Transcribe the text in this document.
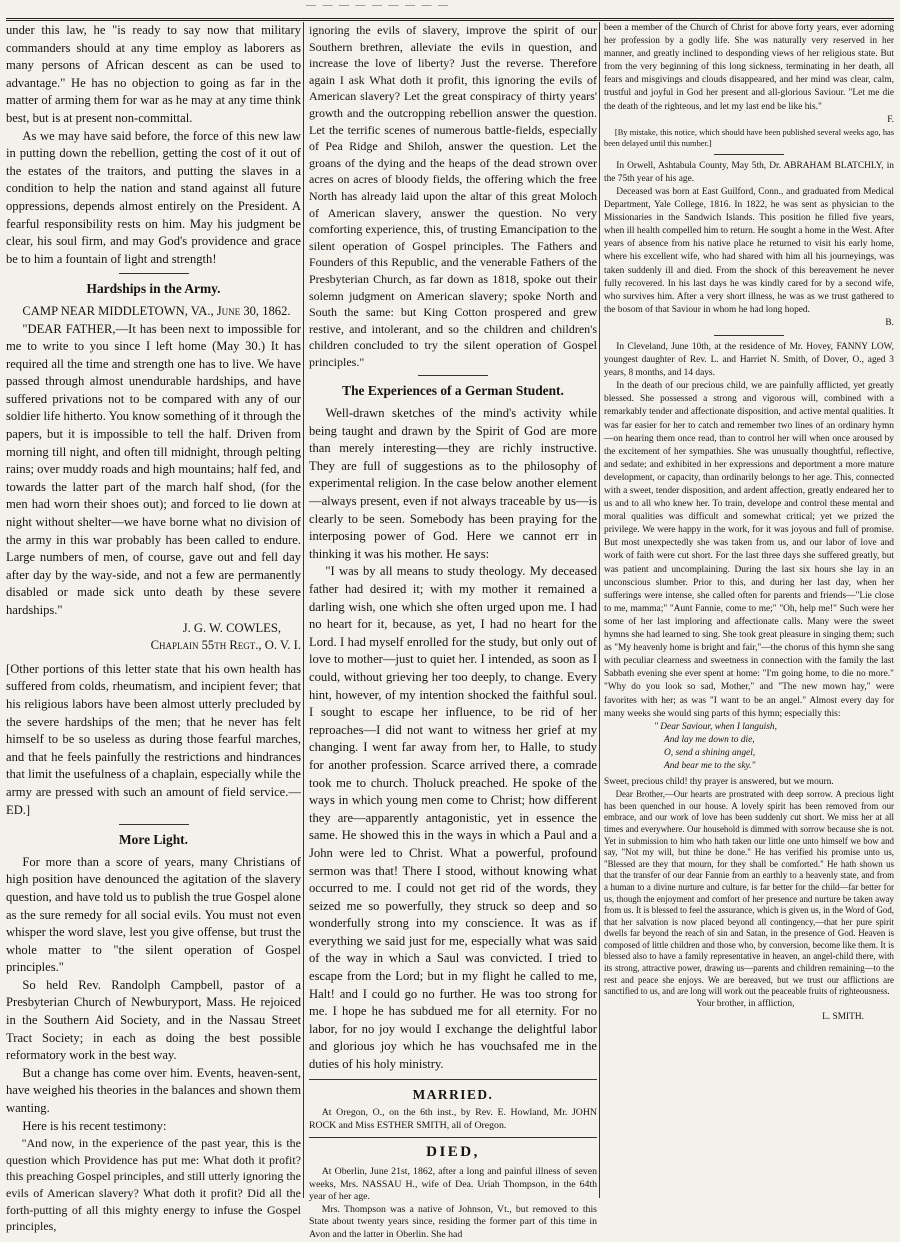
— — — — — — — — —

under this law, he "is ready to say now that military commanders should at any time employ as laborers as many persons of African descent as can be used to advantage." He has no objection to going as far in the matter of arming them for war as he may at any time think best, but is at present non-committal.

As we may have said before, the force of this new law in putting down the rebellion, getting the cost of it out of the estates of the traitors, and putting the slaves in a condition to help the nation and stand against all future oppressions, depends almost entirely on the President. A fearful responsibility rests on him. May his judgment be clear, his soul firm, and may God's providence and grace be to him a fountain of light and strength!

Hardships in the Army.

CAMP NEAR MIDDLETOWN, VA., June 30, 1862.

"DEAR FATHER,—It has been next to impossible for me to write to you since I left home (May 30.) It has required all the time and strength one has to live. We have passed through almost unendurable hardships, and have suffered privations not to be compared with any of our soldier life hitherto. You know something of it through the papers, but it is impossible to tell the half. Driven from morning till night, and often till midnight, through pelting rains; over muddy roads and high mountains; half fed, and towards the latter part of the march half shod, (for the men had worn their shoes out); and forced to lie down at night without shelter—we have borne what no division of the army in this war probably has been called to endure. Large numbers of men, of course, gave out and fell day after day by the way-side, and not a few are permanently disabled or made sick unto death by these severe hardships."

J. G. W. COWLES,

Chaplain 55th Regt., O. V. I.

[Other portions of this letter state that his own health has suffered from colds, rheumatism, and incipient fever; that his religious labors have been almost utterly precluded by the severe hardships of the men; that he never has felt himself to be so useless as during those fearful marches, and that he feels painfully the restrictions and hindrances that limit the usefulness of a chaplain, especially while the army are pressed with such an amount of field service.—ED.]

More Light.

For more than a score of years, many Christians of high position have denounced the agitation of the slavery question, and have told us to publish the true Gospel alone as the sure remedy for all social evils. You must not even whisper the word slave, lest you give offense, but trust the whole matter to "the silent operation of Gospel principles."

So held Rev. Randolph Campbell, pastor of a Presbyterian Church of Newburyport, Mass. He rejoiced in the Southern Aid Society, and in the Nassau Street Tract Society; in each as doing the best possible reformatory work in the best way.

But a change has come over him. Events, heaven-sent, have weighed his theories in the balances and shown them wanting.

Here is his recent testimony:

"And now, in the experience of the past year, this is the question which Providence has put me: What doth it profit? this preaching Gospel principles, and still utterly ignoring the evils of American slavery? What doth it profit? Did all the forth-putting of all this mighty energy to infuse the Gospel principles,

ignoring the evils of slavery, improve the spirit of our Southern brethren, alleviate the evils in question, and increase the love of liberty? Just the reverse. Therefore again I ask What doth it profit, this ignoring the evils of American slavery? Let the great conspiracy of thirty years' growth and the outcropping rebellion answer the question. Let the terrific scenes of numerous battle-fields, especially of Pea Ridge and Shiloh, answer the question. Let the groans of the dying and the heaps of the dead strown over acres on acres of bloody fields, the offering which the free North has already laid upon the altar of this great Moloch of American slavery, answer the question. No very comforting experience, this, of trusting Emancipation to the silent operation of Gospel principles. The Fathers and Founders of this Republic, and the venerable Fathers of the Presbyterian Church, as far down as 1818, spoke out their solemn judgment on American slavery; spoke North and South the same: but King Cotton prospered and grew restive, and intolerant, and so the children and children's children concluded to try the silent operation of Gospel principles."

The Experiences of a German Student.

Well-drawn sketches of the mind's activity while being taught and drawn by the Spirit of God are more than merely interesting—they are richly instructive. They are full of suggestions as to the philosophy of experimental religion. In the case below another element—always present, even if not always traceable by us—is clearly to be seen. Somebody has been praying for the interposing power of God. Here we cannot err in thinking it was his mother. He says:

"I was by all means to study theology. My deceased father had desired it; with my mother it remained a darling wish, one which she often urged upon me. I had no heart for it, because, as yet, I had no heart for the Lord. I had myself enrolled for the study, but only out of love to mother—just to quiet her. I intended, as soon as I could, without grieving her too deeply, to change. Every hint, however, of my intention shocked the faithful soul. I sought to escape her influence, to be rid of her reproaches—I did not want to witness her grief at my changing. I went far away from her, to Halle, to study for another profession. Scarce arrived there, a comrade took me to church. Tholuck preached. He spoke of the ways in which young men come to Christ; how different they are—apparently antagonistic, yet in essence the same. He showed this in the ways in which a Paul and a John were led to Christ. What a powerful, profound sermon was that! There I stood, without knowing what occurred to me. I could not get rid of the words, they seized me so powerfully, they struck so deep and so wonderfully strong into my conscience. It was as if everything we said just for me, especially what was said of the way in which a Saul was convicted. I tried to escape from the Lord; but in my flight he called to me, Halt! and I could go no further. He was too strong for me. I hope he has subdued me for all eternity. For no labor, for no joy would I exchange the delightful labor and glorious joy which he has vouchsafed me in the duties of his holy ministry.

MARRIED.

At Oregon, O., on the 6th inst., by Rev. E. Howland, Mr. JOHN ROCK and Miss ESTHER SMITH, all of Oregon.

DIED,

At Oberlin, June 21st, 1862, after a long and painful illness of seven weeks, Mrs. NASSAU H., wife of Dea. Uriah Thompson, in the 64th year of her age.

Mrs. Thompson was a native of Johnson, Vt., but removed to this State about twenty years since, residing the former part of this time in Avon and the latter in Oberlin. She had

been a member of the Church of Christ for above forty years, ever adorning her profession by a godly life. She was naturally very reserved in her manner, and greatly inclined to desponding views of her religious state. But from the very beginning of this long sickness, terminating in her death, all fears and misgivings and clouds disappeared, and her mind was clear, calm, trustful and joyful in God her present and all-glorious Saviour. "Let me die the death of the righteous, and let my last end be like his."

F.

[By mistake, this notice, which should have been published several weeks ago, has been delayed until this number.]

In Orwell, Ashtabula County, May 5th, Dr. ABRAHAM BLATCHLY, in the 75th year of his age.

Deceased was born at East Guilford, Conn., and graduated from Medical Department, Yale College, 1816. In 1822, he was sent as physician to the Missionaries in the Sandwich Islands. This position he filled five years, when ill health compelled him to return. He sought a home in the West. After years of absence from his native place he returned to visit his early home, where his excellent wife, who had shared with him all his journeyings, was taken suddenly ill and died. From the shock of this bereavement he never fully recovered. In his last days he was kindly cared for by a second wife, who survives him. After a very short illness, he was as we trust gathered to the bosom of that Saviour in whom he had long hoped.

B.

In Cleveland, June 10th, at the residence of Mr. Hovey, FANNY LOW, youngest daughter of Rev. L. and Harriet N. Smith, of Dover, O., aged 3 years, 8 months, and 14 days.

In the death of our precious child, we are painfully afflicted, yet greatly blessed. She possessed a strong and vigorous will, combined with a remarkably tender and affectionate disposition, and active mental qualities. It was far easier for her to catch and remember two lines of an ordinary hymn—on hearing them once read, than to control her will when once aroused by the excitement of her sympathies. She was unusually thoughtful, reflective, and sedate; and exhibited in her expressions and deportment a more mature development, or capacity, than ordinarily belongs to her age. This, connected with a sweet, tender disposition, and ardent affection, greatly endeared her to us and to all who knew her. To train, develope and control these mental and moral qualities was difficult and somewhat critical; yet we prized the privilege. We were happy in the work, for it was joyous and full of promise. But most unexpectedly she was taken from us, and our labor of love and work of faith were cut short. For the last three days she suffered greatly, but was patient and uncomplaining. During the last six hours she lay in an unconscious slumber. Prior to this, and during her last day, when her sufferings were intense, she called often for parents and friends—"Lie close to me, mamma;" "Aunt Fannie, come to me;" "Oh, help me!" Such were her some of her last imploring and affectionate calls. Many were the sweet hymns she had learned to sing. She took great pleasure in singing them; such as "My heavenly home is bright and fair,"—the chorus of this hymn she sang with peculiar clearness and sweetness in connection with the family the last Sabbath evening she ever spent at home: "I'm going home, to die no more." "Why do you look so sad, Mother," and "The new mown hay," were favorites with her; as was "I want to be an angel." Almost every day for many weeks she would sing parts of this hymn; especially this:

" Dear Saviour, when I languish,

And lay me down to die,

O, send a shining angel,

And bear me to the sky."

Sweet, precious child! thy prayer is answered, but we mourn.

Dear Brother,—Our hearts are prostrated with deep sorrow. A precious light has been quenched in our house. A lovely spirit has been removed from our embrace, and our work of love has been suddenly cut short. We miss her at all times and everywhere. Our household is dimmed with sorrow because she is not. Yet in submission to him who hath taken our little one unto himself we bow and say, "Not my will, but thine be done." He has verified his promise unto us, "Blessed are they that mourn, for they shall be comforted." He hath shown us that the transfer of our dear Fannie from an earthly to a heavenly state, and from a human to a divine nurture and culture, is far better for the child—far better for us, though the enjoyment and comfort of her presence and nurture be taken away from us. It is blessed to feel the assurance, which is given us, in the Word of God, that her salvation is now placed beyond all contingency,—that her pure spirit dwells far beyond the reach of sin and Satan, in the presence of God. Heaven is composed of little children and those who, by conversion, become like them. It is blessed also to have a family representative in heaven, an angel-child there, with its strong, attractive power, drawing us—parents and children remaining—to the rest and peace she enjoys. We are bereaved, but we trust our afflictions are sanctified to us, and are long will work out the peaceable fruits of righteousness.

Your brother, in affliction,

L. SMITH.
